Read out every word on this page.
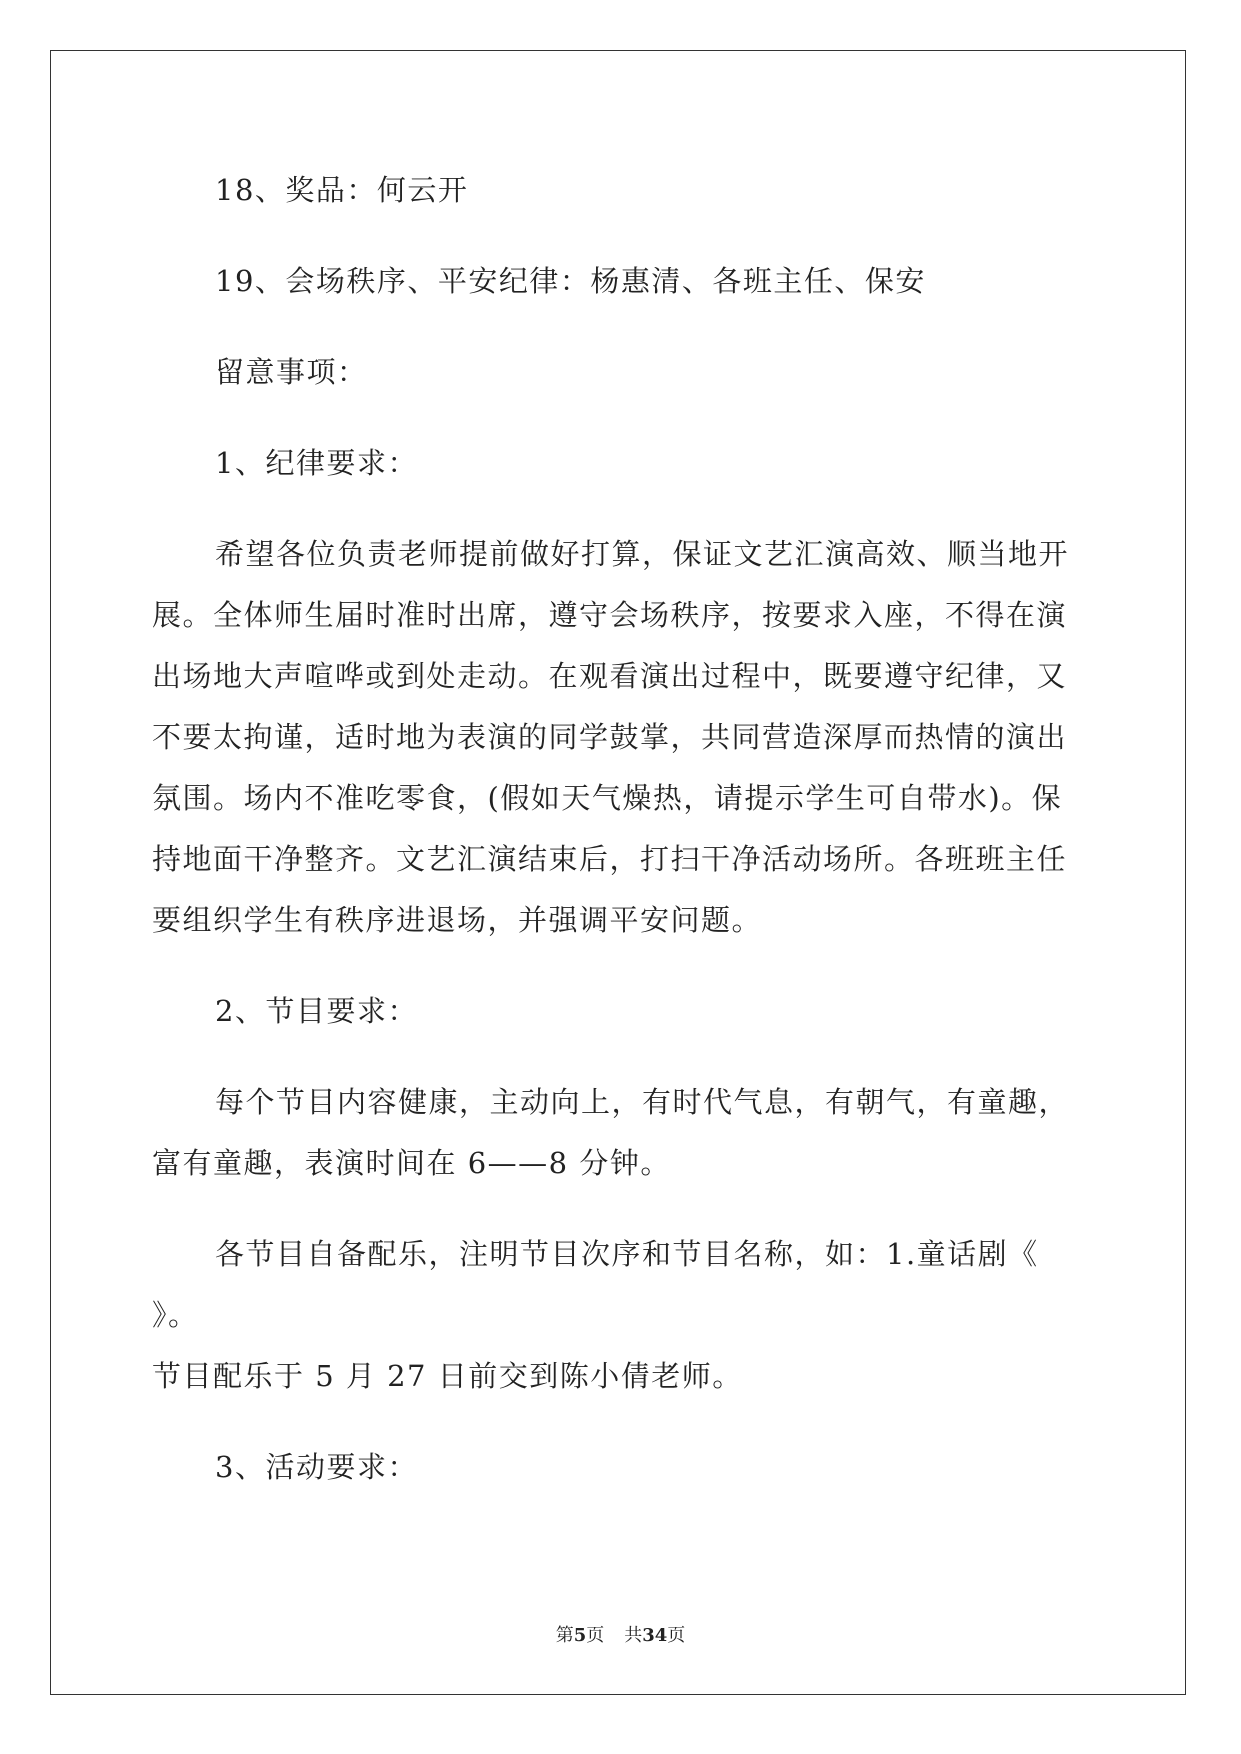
18、奖品：何云开

19、会场秩序、平安纪律：杨惠清、各班主任、保安

留意事项：

1、纪律要求：

希望各位负责老师提前做好打算，保证文艺汇演高效、顺当地开
展。全体师生届时准时出席，遵守会场秩序，按要求入座，不得在演
出场地大声喧哗或到处走动。在观看演出过程中，既要遵守纪律，又
不要太拘谨，适时地为表演的同学鼓掌，共同营造深厚而热情的演出
氛围。场内不准吃零食，(假如天气燥热，请提示学生可自带水)。保
持地面干净整齐。文艺汇演结束后，打扫干净活动场所。各班班主任
要组织学生有秩序进退场，并强调平安问题。

2、节目要求：

每个节目内容健康，主动向上，有时代气息，有朝气，有童趣，
富有童趣，表演时间在 6——8 分钟。

各节目自备配乐，注明节目次序和节目名称，如：1.童话剧《 》。
节目配乐于 5 月 27 日前交到陈小倩老师。

3、活动要求：

第5页 共34页
